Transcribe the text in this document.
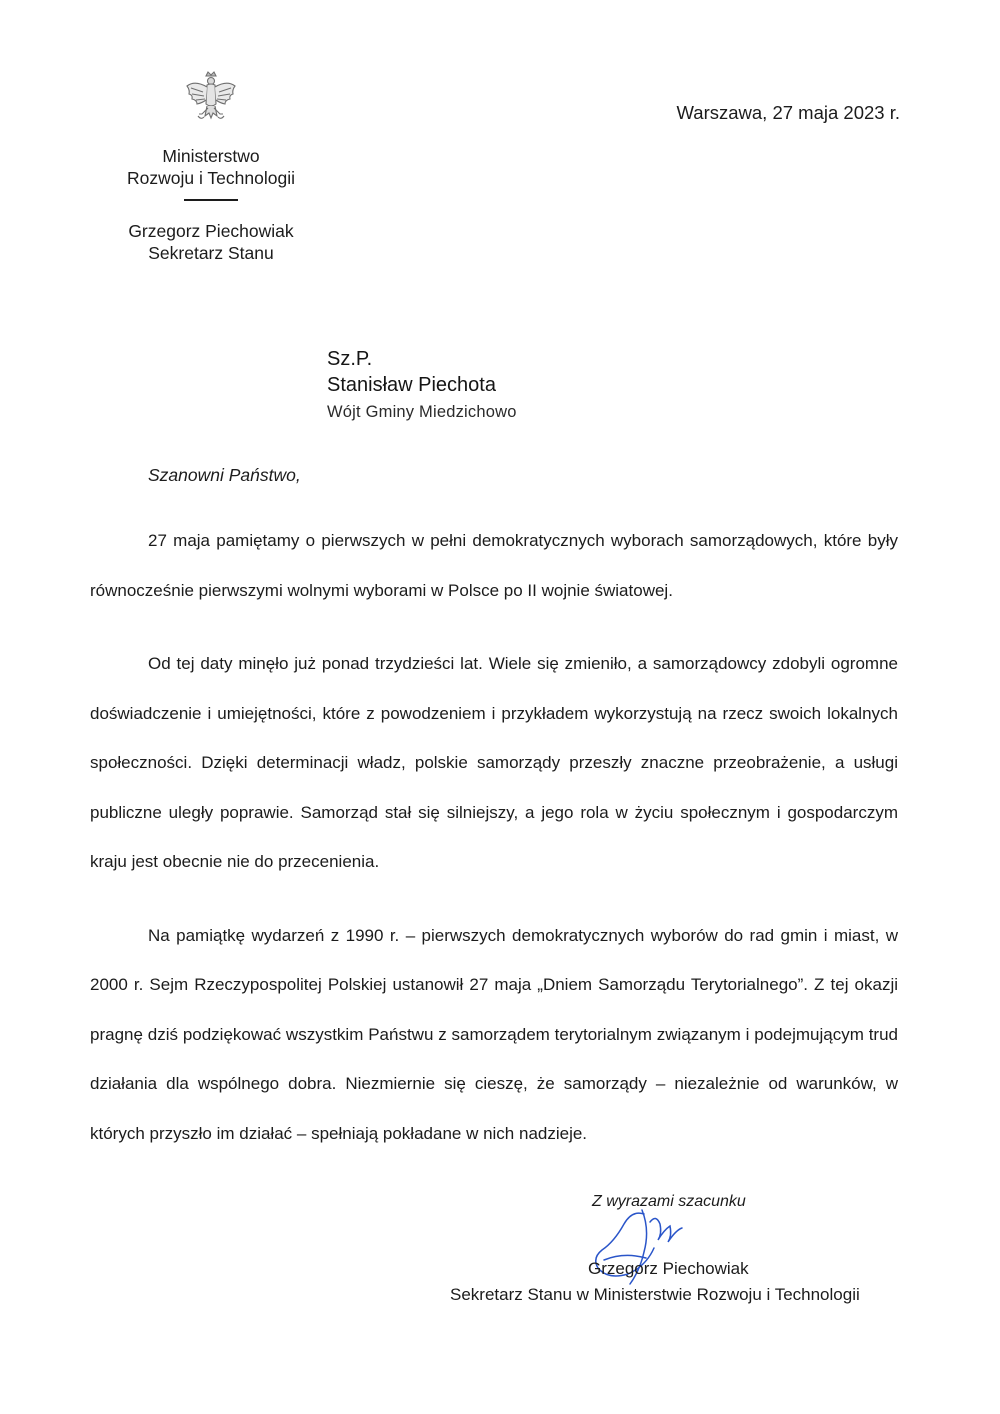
Ministerstwo
Rozwoju i Technologii
Grzegorz Piechowiak
Sekretarz Stanu
Warszawa, 27 maja 2023 r.
Sz.P.
Stanisław Piechota
Wójt Gminy Miedzichowo
Szanowni Państwo,

27 maja pamiętamy o pierwszych w pełni demokratycznych wyborach samorządowych, które były równocześnie pierwszymi wolnymi wyborami w Polsce po II wojnie światowej.

Od tej daty minęło już ponad trzydzieści lat. Wiele się zmieniło, a samorządowcy zdobyli ogromne doświadczenie i umiejętności, które z powodzeniem i przykładem wykorzystują na rzecz swoich lokalnych społeczności. Dzięki determinacji władz, polskie samorządy przeszły znaczne przeobrażenie, a usługi publiczne uległy poprawie. Samorząd stał się silniejszy, a jego rola w życiu społecznym i gospodarczym kraju jest obecnie nie do przecenienia.

Na pamiątkę wydarzeń z 1990 r. – pierwszych demokratycznych wyborów do rad gmin i miast, w 2000 r. Sejm Rzeczypospolitej Polskiej ustanowił 27 maja „Dniem Samorządu Terytorialnego”. Z tej okazji pragnę dziś podziękować wszystkim Państwu z samorządem terytorialnym związanym i podejmującym trud działania dla wspólnego dobra. Niezmiernie się cieszę, że samorządy – niezależnie od warunków, w których przyszło im działać – spełniają pokładane w nich nadzieje.

Z wyrazami szacunku
Grzegorz Piechowiak
Sekretarz Stanu w Ministerstwie Rozwoju i Technologii
